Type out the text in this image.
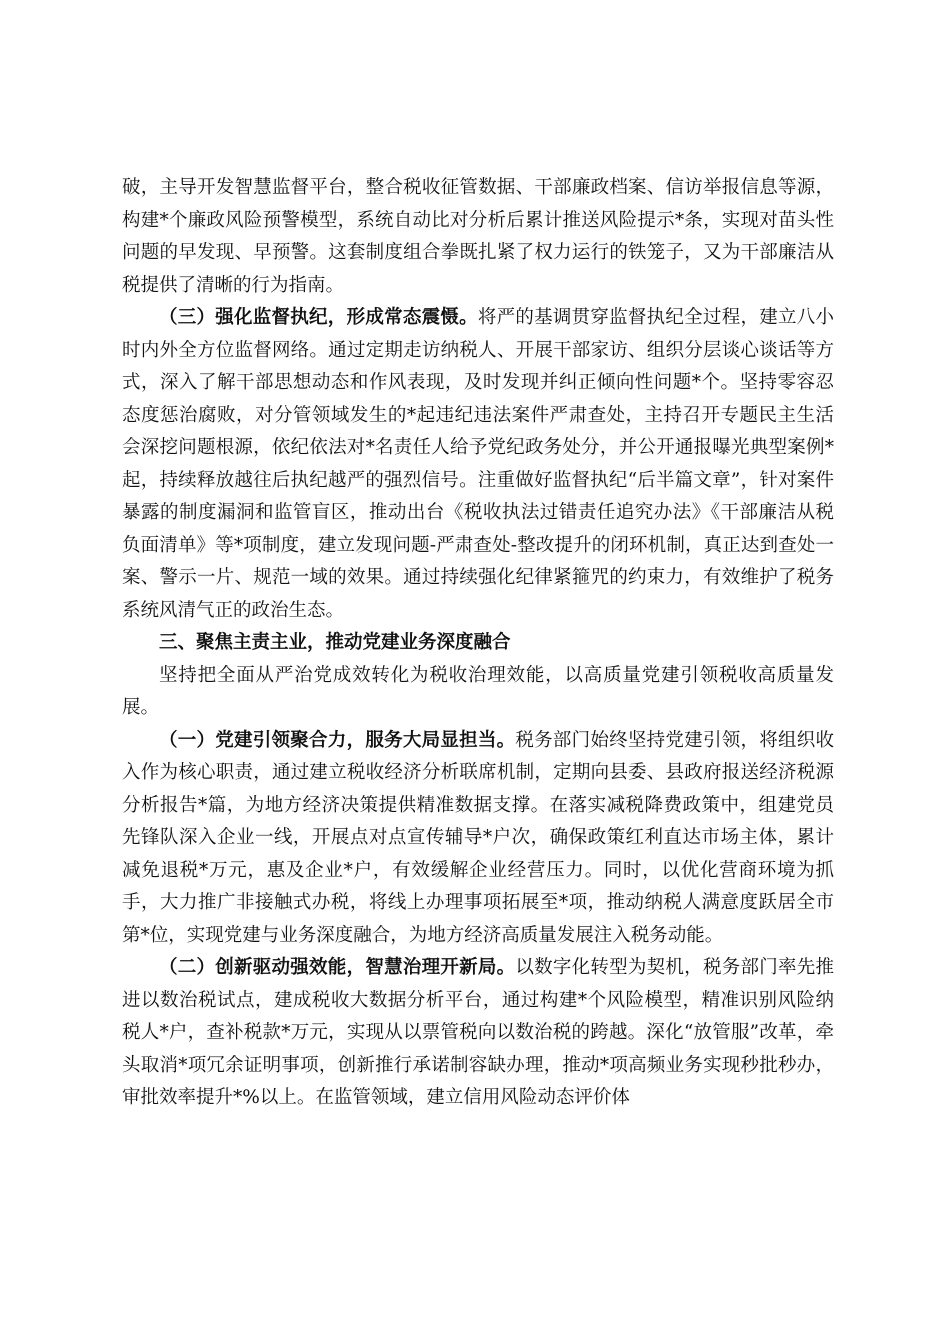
破，主导开发智慧监督平台，整合税收征管数据、干部廉政档案、信访举报信息等源，构建*个廉政风险预警模型，系统自动比对分析后累计推送风险提示*条，实现对苗头性问题的早发现、早预警。这套制度组合拳既扎紧了权力运行的铁笼子，又为干部廉洁从税提供了清晰的行为指南。

（三）强化监督执纪，形成常态震慑。将严的基调贯穿监督执纪全过程，建立八小时内外全方位监督网络。通过定期走访纳税人、开展干部家访、组织分层谈心谈话等方式，深入了解干部思想动态和作风表现，及时发现并纠正倾向性问题*个。坚持零容忍态度惩治腐败，对分管领域发生的*起违纪违法案件严肃查处，主持召开专题民主生活会深挖问题根源，依纪依法对*名责任人给予党纪政务处分，并公开通报曝光典型案例*起，持续释放越往后执纪越严的强烈信号。注重做好监督执纪“后半篇文章”，针对案件暴露的制度漏洞和监管盲区，推动出台《税收执法过错责任追究办法》《干部廉洁从税负面清单》等*项制度，建立发现问题-严肃查处-整改提升的闭环机制，真正达到查处一案、警示一片、规范一域的效果。通过持续强化纪律紧箍咒的约束力，有效维护了税务系统风清气正的政治生态。

三、聚焦主责主业，推动党建业务深度融合

坚持把全面从严治党成效转化为税收治理效能，以高质量党建引领税收高质量发展。

（一）党建引领聚合力，服务大局显担当。税务部门始终坚持党建引领，将组织收入作为核心职责，通过建立税收经济分析联席机制，定期向县委、县政府报送经济税源分析报告*篇，为地方经济决策提供精准数据支撑。在落实减税降费政策中，组建党员先锋队深入企业一线，开展点对点宣传辅导*户次，确保政策红利直达市场主体，累计减免退税*万元，惠及企业*户，有效缓解企业经营压力。同时，以优化营商环境为抓手，大力推广非接触式办税，将线上办理事项拓展至*项，推动纳税人满意度跃居全市第*位，实现党建与业务深度融合，为地方经济高质量发展注入税务动能。

（二）创新驱动强效能，智慧治理开新局。以数字化转型为契机，税务部门率先推进以数治税试点，建成税收大数据分析平台，通过构建*个风险模型，精准识别风险纳税人*户，查补税款*万元，实现从以票管税向以数治税的跨越。深化“放管服”改革，牵头取消*项冗余证明事项，创新推行承诺制容缺办理，推动*项高频业务实现秒批秒办，审批效率提升*%以上。在监管领域，建立信用风险动态评价体
